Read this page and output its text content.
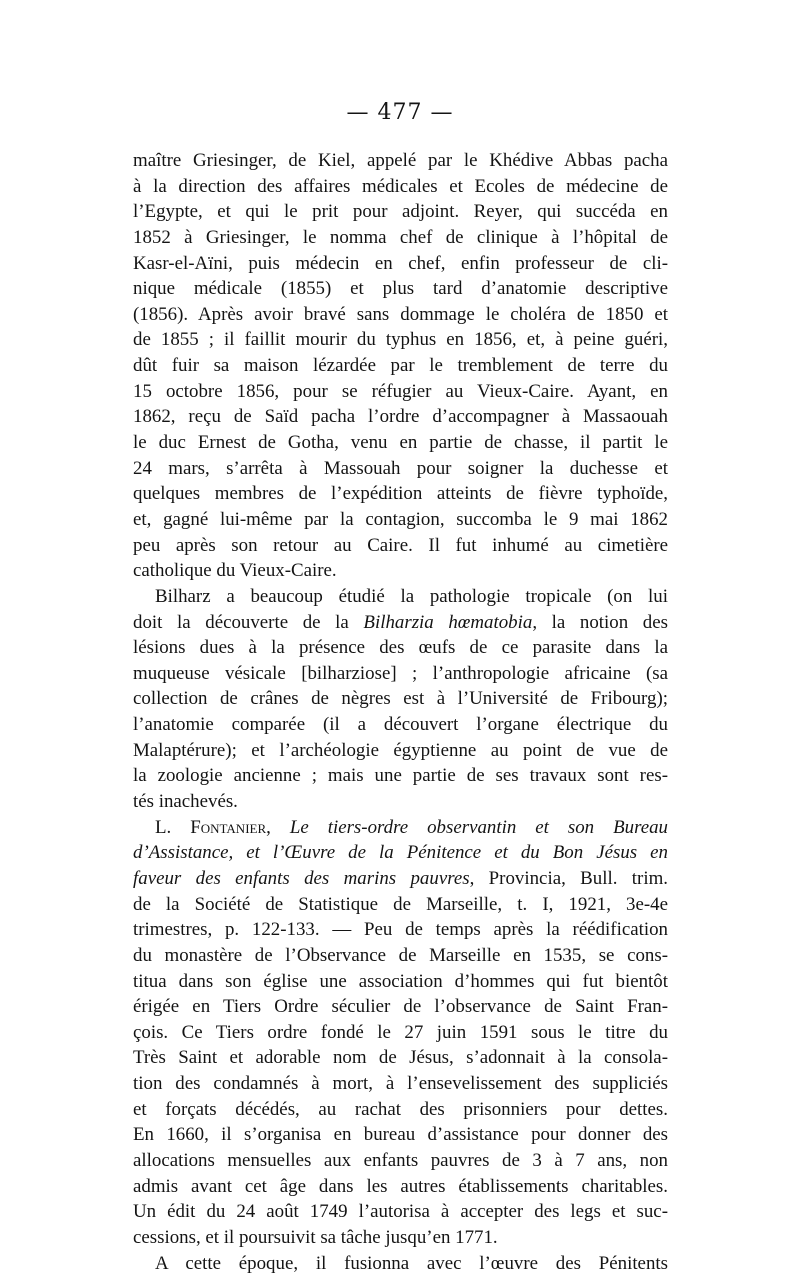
— 477 —
maître Griesinger, de Kiel, appelé par le Khédive Abbas pacha
à la direction des affaires médicales et Ecoles de médecine de
l’Egypte, et qui le prit pour adjoint. Reyer, qui succéda en
1852 à Griesinger, le nomma chef de clinique à l’hôpital de
Kasr-el-Aïni, puis médecin en chef, enfin professeur de cli-
nique médicale (1855) et plus tard d’anatomie descriptive
(1856). Après avoir bravé sans dommage le choléra de 1850 et
de 1855 ; il faillit mourir du typhus en 1856, et, à peine guéri,
dût fuir sa maison lézardée par le tremblement de terre du
15 octobre 1856, pour se réfugier au Vieux-Caire. Ayant, en
1862, reçu de Saïd pacha l’ordre d’accompagner à Massaouah
le duc Ernest de Gotha, venu en partie de chasse, il partit le
24 mars, s’arrêta à Massouah pour soigner la duchesse et
quelques membres de l’expédition atteints de fièvre typhoïde,
et, gagné lui-même par la contagion, succomba le 9 mai 1862
peu après son retour au Caire. Il fut inhumé au cimetière
catholique du Vieux-Caire.
Bilharz a beaucoup étudié la pathologie tropicale (on lui
doit la découverte de la Bilharzia hœmatobia, la notion des
lésions dues à la présence des œufs de ce parasite dans la
muqueuse vésicale [bilharziose] ; l’anthropologie africaine (sa
collection de crânes de nègres est à l’Université de Fribourg);
l’anatomie comparée (il a découvert l’organe électrique du
Malaptérure); et l’archéologie égyptienne au point de vue de
la zoologie ancienne ; mais une partie de ses travaux sont res-
tés inachevés.
L. Fontanier, Le tiers-ordre observantin et son Bureau
d’Assistance, et l’Œuvre de la Pénitence et du Bon Jésus en
faveur des enfants des marins pauvres, Provincia, Bull. trim.
de la Société de Statistique de Marseille, t. I, 1921, 3e-4e
trimestres, p. 122-133. — Peu de temps après la réédification
du monastère de l’Observance de Marseille en 1535, se cons-
titua dans son église une association d’hommes qui fut bientôt
érigée en Tiers Ordre séculier de l’observance de Saint Fran-
çois. Ce Tiers ordre fondé le 27 juin 1591 sous le titre du
Très Saint et adorable nom de Jésus, s’adonnait à la consola-
tion des condamnés à mort, à l’ensevelissement des suppliciés
et forçats décédés, au rachat des prisonniers pour dettes.
En 1660, il s’organisa en bureau d’assistance pour donner des
allocations mensuelles aux enfants pauvres de 3 à 7 ans, non
admis avant cet âge dans les autres établissements charitables.
Un édit du 24 août 1749 l’autorisa à accepter des legs et suc-
cessions, et il poursuivit sa tâche jusqu’en 1771.
A cette époque, il fusionna avec l’œuvre des Pénitents
